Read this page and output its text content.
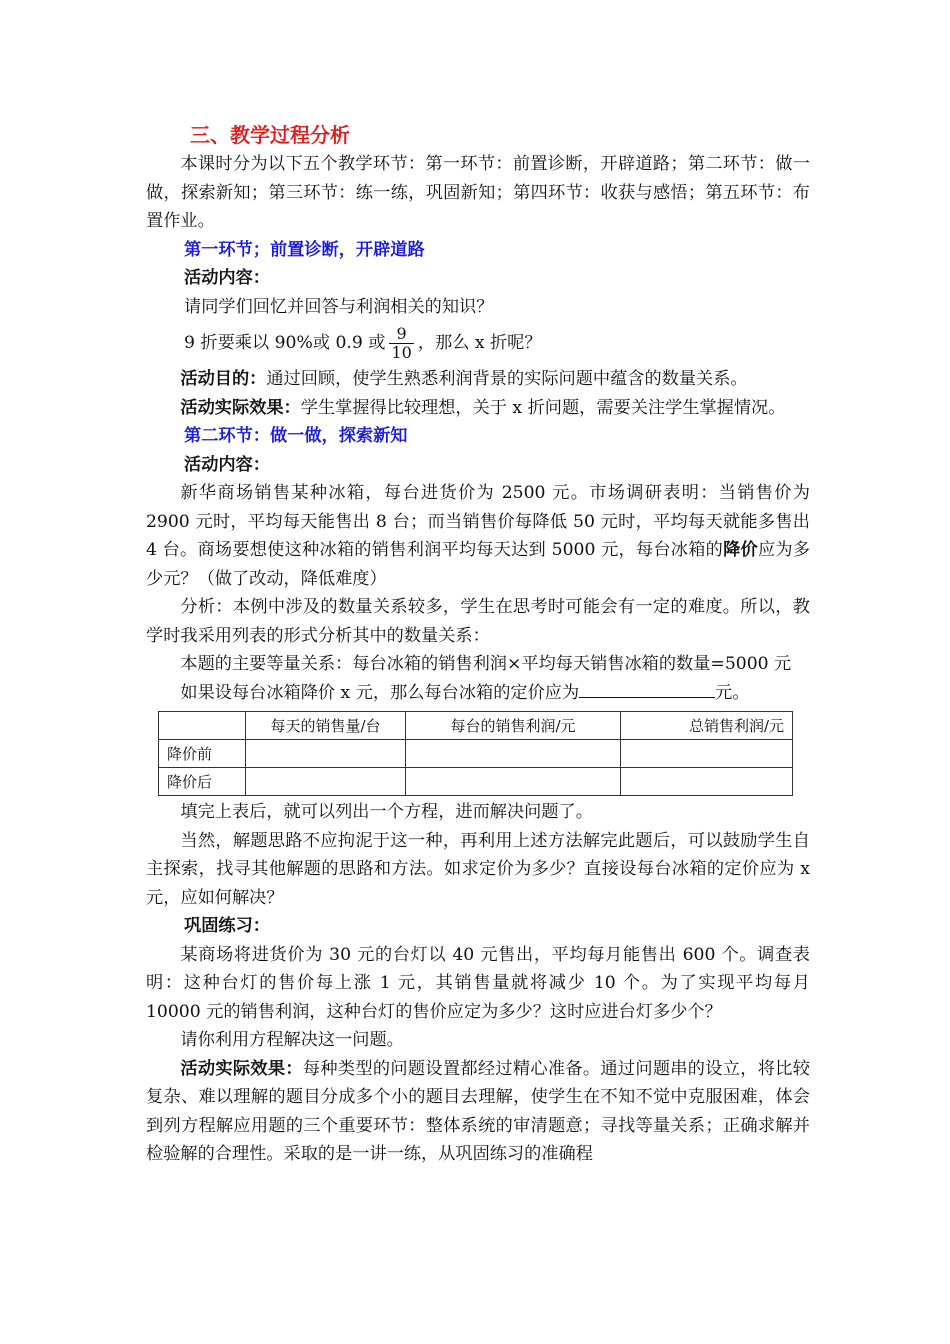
三、教学过程分析

本课时分为以下五个教学环节：第一环节：前置诊断，开辟道路；第二环节：做一做，探索新知；第三环节：练一练，巩固新知；第四环节：收获与感悟；第五环节：布置作业。

第一环节；前置诊断，开辟道路

活动内容：

请同学们回忆并回答与利润相关的知识？

9 折要乘以 90%或 0.9 或 $\frac{9}{10}$ ，那么 x 折呢？

活动目的：通过回顾，使学生熟悉利润背景的实际问题中蕴含的数量关系。

活动实际效果：学生掌握得比较理想，关于 x 折问题，需要关注学生掌握情况。

第二环节：做一做，探索新知

活动内容：

新华商场销售某种冰箱，每台进货价为 2500 元。市场调研表明：当销售价为 2900 元时，平均每天能售出 8 台；而当销售价每降低 50 元时，平均每天就能多售出 4 台。商场要想使这种冰箱的销售利润平均每天达到 5000 元，每台冰箱的降价应为多少元？（做了改动，降低难度）

分析：本例中涉及的数量关系较多，学生在思考时可能会有一定的难度。所以，教学时我采用列表的形式分析其中的数量关系：

本题的主要等量关系：每台冰箱的销售利润×平均每天销售冰箱的数量=5000 元

如果设每台冰箱降价 x 元，那么每台冰箱的定价应为	元。

	每天的销售量/台	每台的销售利润/元	总销售利润/元
降价前			
降价后			

填完上表后，就可以列出一个方程，进而解决问题了。

当然，解题思路不应拘泥于这一种，再利用上述方法解完此题后，可以鼓励学生自主探索，找寻其他解题的思路和方法。如求定价为多少？直接设每台冰箱的定价应为 x 元，应如何解决？

巩固练习：

某商场将进货价为 30 元的台灯以 40 元售出，平均每月能售出 600 个。调查表明：这种台灯的售价每上涨 1 元，其销售量就将减少 10 个。为了实现平均每月 10000 元的销售利润，这种台灯的售价应定为多少？这时应进台灯多少个？

请你利用方程解决这一问题。

活动实际效果：每种类型的问题设置都经过精心准备。通过问题串的设立，将比较复杂、难以理解的题目分成多个小的题目去理解，使学生在不知不觉中克服困难，体会到列方程解应用题的三个重要环节：整体系统的审清题意；寻找等量关系；正确求解并检验解的合理性。采取的是一讲一练，从巩固练习的准确程
